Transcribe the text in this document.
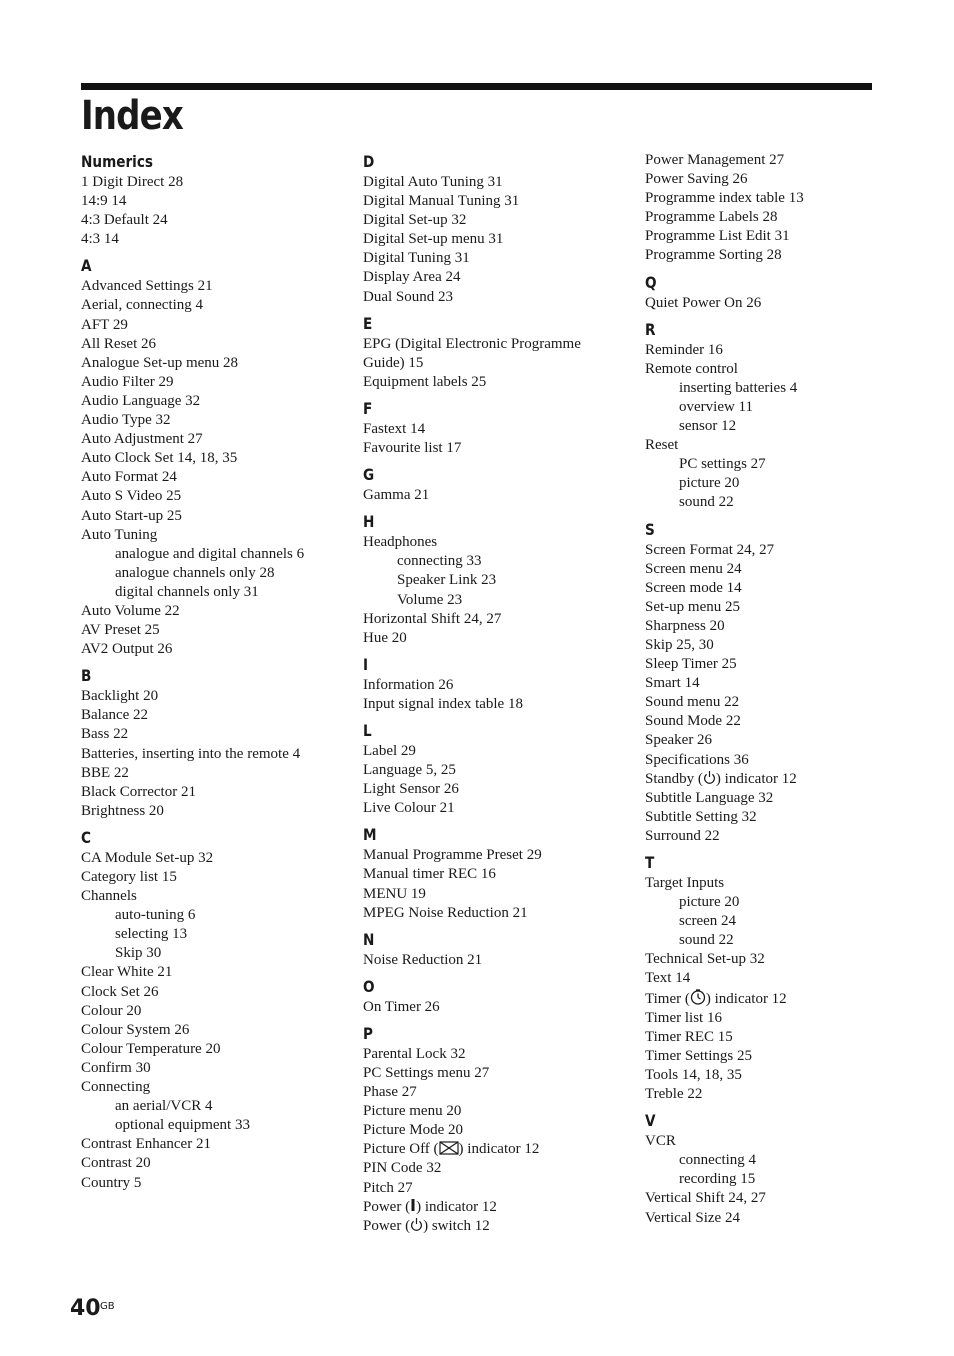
Index
Numerics
1 Digit Direct 28
14:9 14
4:3 Default 24
4:3 14
A
Advanced Settings 21
Aerial, connecting 4
AFT 29
All Reset 26
Analogue Set-up menu 28
Audio Filter 29
Audio Language 32
Audio Type 32
Auto Adjustment 27
Auto Clock Set 14, 18, 35
Auto Format 24
Auto S Video 25
Auto Start-up 25
Auto Tuning
analogue and digital channels 6
analogue channels only 28
digital channels only 31
Auto Volume 22
AV Preset 25
AV2 Output 26
B
Backlight 20
Balance 22
Bass 22
Batteries, inserting into the remote 4
BBE 22
Black Corrector 21
Brightness 20
C
CA Module Set-up 32
Category list 15
Channels
auto-tuning 6
selecting 13
Skip 30
Clear White 21
Clock Set 26
Colour 20
Colour System 26
Colour Temperature 20
Confirm 30
Connecting
an aerial/VCR 4
optional equipment 33
Contrast Enhancer 21
Contrast 20
Country 5
D
Digital Auto Tuning 31
Digital Manual Tuning 31
Digital Set-up 32
Digital Set-up menu 31
Digital Tuning 31
Display Area 24
Dual Sound 23
E
EPG (Digital Electronic Programme
Guide) 15
Equipment labels 25
F
Fastext 14
Favourite list 17
G
Gamma 21
H
Headphones
connecting 33
Speaker Link 23
Volume 23
Horizontal Shift 24, 27
Hue 20
I
Information 26
Input signal index table 18
L
Label 29
Language 5, 25
Light Sensor 26
Live Colour 21
M
Manual Programme Preset 29
Manual timer REC 16
MENU 19
MPEG Noise Reduction 21
N
Noise Reduction 21
O
On Timer 26
P
Parental Lock 32
PC Settings menu 27
Phase 27
Picture menu 20
Picture Mode 20
Picture Off ( ) indicator 12
PIN Code 32
Pitch 27
Power ( ) indicator 12
Power ( ) switch 12
Power Management 27
Power Saving 26
Programme index table 13
Programme Labels 28
Programme List Edit 31
Programme Sorting 28
Q
Quiet Power On 26
R
Reminder 16
Remote control
inserting batteries 4
overview 11
sensor 12
Reset
PC settings 27
picture 20
sound 22
S
Screen Format 24, 27
Screen menu 24
Screen mode 14
Set-up menu 25
Sharpness 20
Skip 25, 30
Sleep Timer 25
Smart 14
Sound menu 22
Sound Mode 22
Speaker 26
Specifications 36
Standby ( ) indicator 12
Subtitle Language 32
Subtitle Setting 32
Surround 22
T
Target Inputs
picture 20
screen 24
sound 22
Technical Set-up 32
Text 14
Timer ( ) indicator 12
Timer list 16
Timer REC 15
Timer Settings 25
Tools 14, 18, 35
Treble 22
V
VCR
connecting 4
recording 15
Vertical Shift 24, 27
Vertical Size 24
40 GB
